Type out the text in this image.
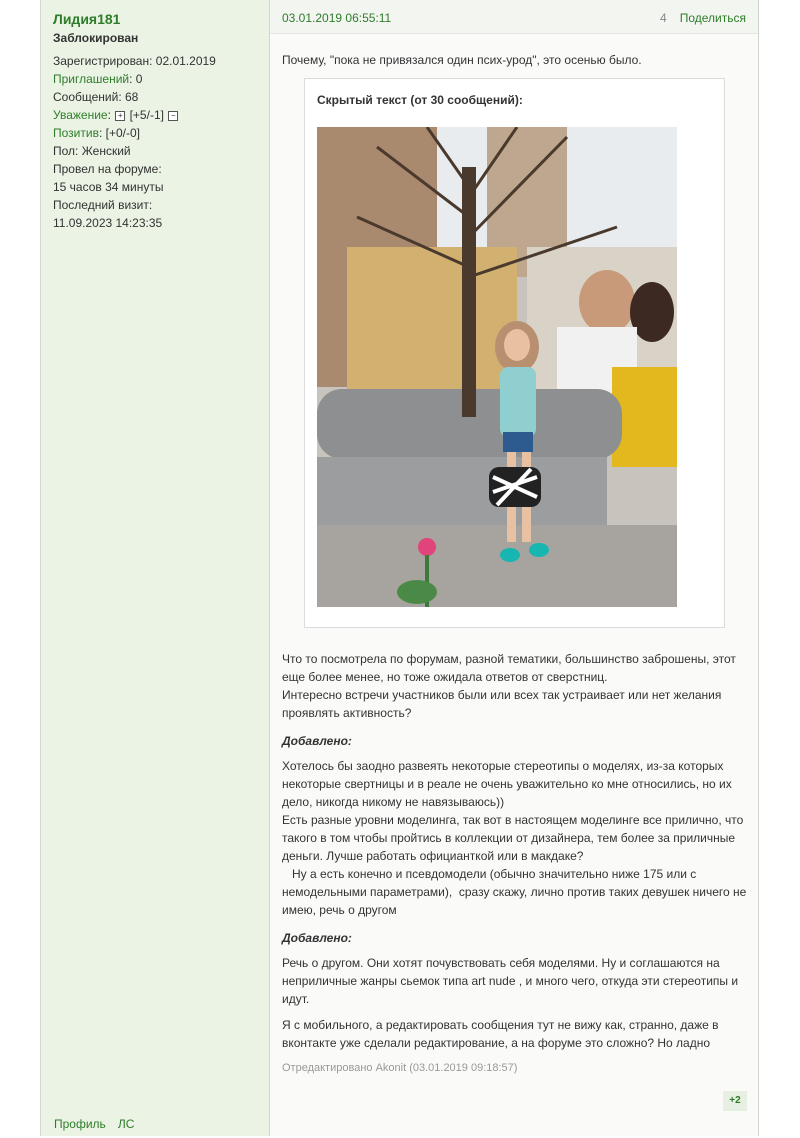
Лидия181
Заблокирован
Зарегистрирован: 02.01.2019
Приглашений: 0
Сообщений: 68
Уважение: + [+5/-1] −
Позитив: [+0/-0]
Пол: Женский
Провел на форуме:
15 часов 34 минуты
Последний визит:
11.09.2023 14:23:35
Профиль ЛС
03.01.2019 06:55:11	4 Поделиться
Почему, "пока не привязался один псих-урод", это осенью было.
Скрытый текст (от 30 сообщений):
Что то посмотрела по форумам, разной тематики, большинство заброшены, этот еще более менее, но тоже ожидала ответов от сверстниц.
Интересно встречи участников были или всех так устраивает или нет желания проявлять активность?
Добавлено:
Хотелось бы заодно развеять некоторые стереотипы о моделях, из-за которых некоторые свертницы и в реале не очень уважительно ко мне относились, но их дело, никогда никому не навязываюсь))
Есть разные уровни моделинга, так вот в настоящем моделинге все прилично, что такого в том чтобы пройтись в коллекции от дизайнера, тем более за приличные деньги. Лучше работать официанткой или в макдаке?
Ну а есть конечно и псевдомодели (обычно значительно ниже 175 или с немодельными параметрами),  сразу скажу, лично против таких девушек ничего не имею, речь о другом
Добавлено:
Речь о другом. Они хотят почувствовать себя моделями. Ну и соглашаются на неприличные жанры сьемок типа art nude , и много чего, откуда эти стереотипы и идут.
Я с мобильного, а редактировать сообщения тут не вижу как, странно, даже в вконтакте уже сделали редактирование, а на форуме это сложно? Но ладно
Отредактировано Akonit (03.01.2019 09:18:57)
+2
